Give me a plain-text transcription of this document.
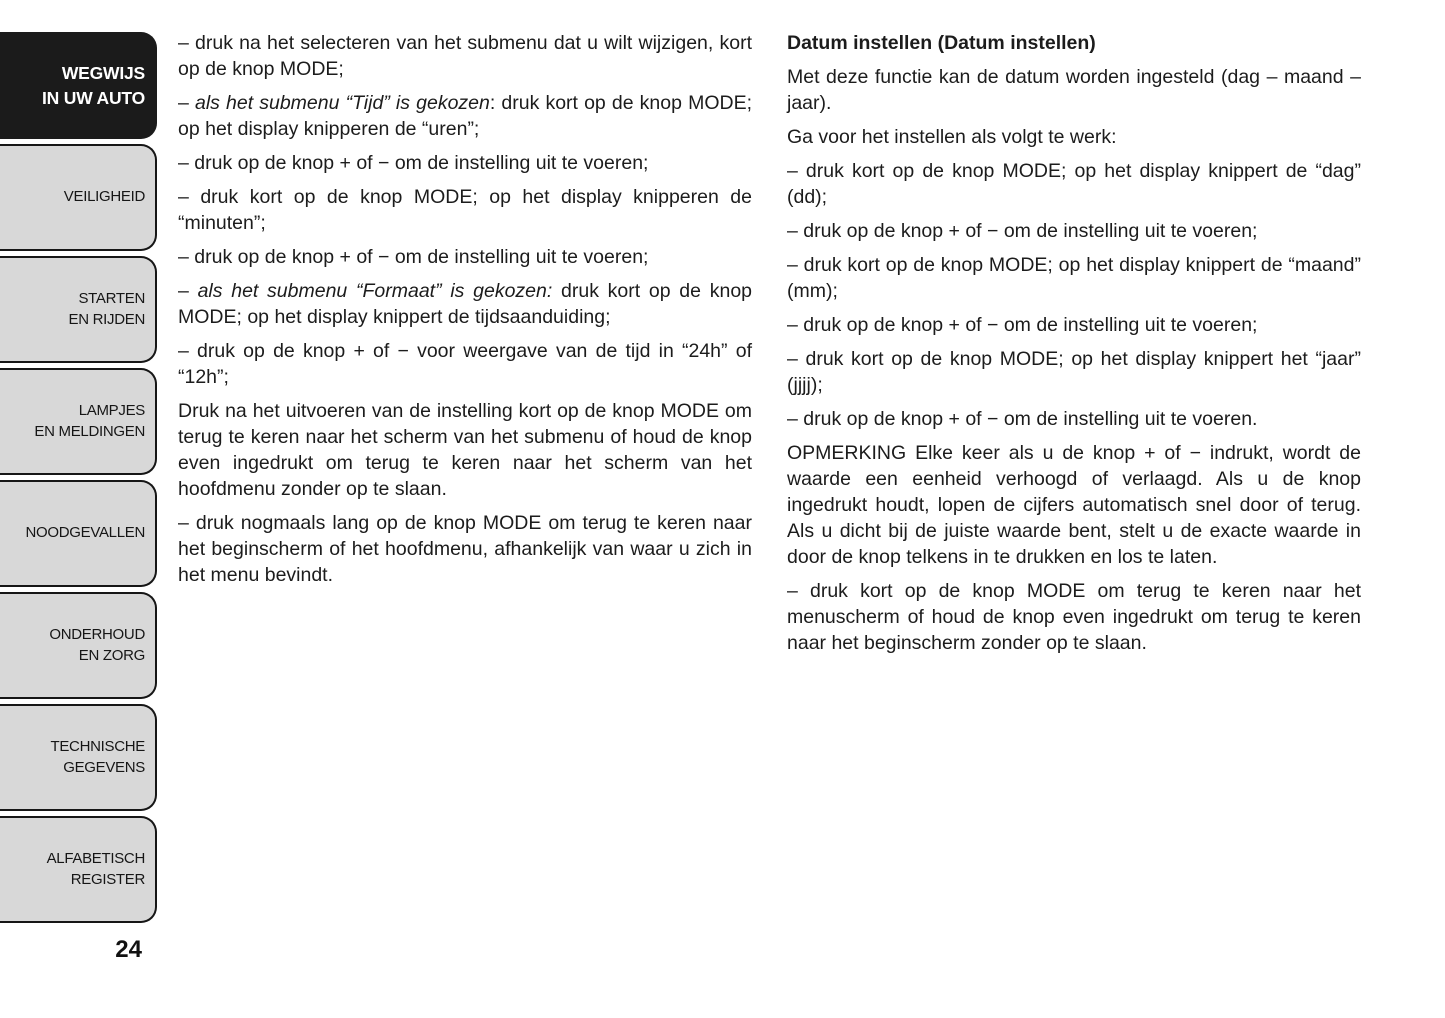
WEGWIJS
IN UW AUTO
VEILIGHEID
STARTEN
EN RIJDEN
LAMPJES
EN MELDINGEN
NOODGEVALLEN
ONDERHOUD
EN ZORG
TECHNISCHE
GEGEVENS
ALFABETISCH
REGISTER
24

– druk na het selecteren van het submenu dat u wilt wijzigen, kort op de knop MODE;

– als het submenu “Tijd” is gekozen: druk kort op de knop MODE; op het display knipperen de “uren”;

– druk op de knop + of − om de instelling uit te voeren;

– druk kort op de knop MODE; op het display knipperen de “minuten”;

– druk op de knop + of − om de instelling uit te voeren;

– als het submenu “Formaat” is gekozen: druk kort op de knop MODE; op het display knippert de tijdsaanduiding;

– druk op de knop + of − voor weergave van de tijd in “24h” of “12h”;

Druk na het uitvoeren van de instelling kort op de knop MODE om terug te keren naar het scherm van het submenu of houd de knop even ingedrukt om terug te keren naar het scherm van het hoofdmenu zonder op te slaan.

– druk nogmaals lang op de knop MODE om terug te keren naar het beginscherm of het hoofdmenu, afhankelijk van waar u zich in het menu bevindt.

Datum instellen (Datum instellen)

Met deze functie kan de datum worden ingesteld (dag – maand – jaar).

Ga voor het instellen als volgt te werk:

– druk kort op de knop MODE; op het display knippert de “dag” (dd);

– druk op de knop + of − om de instelling uit te voeren;

– druk kort op de knop MODE; op het display knippert de “maand” (mm);

– druk op de knop + of − om de instelling uit te voeren;

– druk kort op de knop MODE; op het display knippert het “jaar” (jjjj);

– druk op de knop + of − om de instelling uit te voeren.

OPMERKING Elke keer als u de knop + of − indrukt, wordt de waarde een eenheid verhoogd of verlaagd. Als u de knop ingedrukt houdt, lopen de cijfers automatisch snel door of terug. Als u dicht bij de juiste waarde bent, stelt u de exacte waarde in door de knop telkens in te drukken en los te laten.

– druk kort op de knop MODE om terug te keren naar het menuscherm of houd de knop even ingedrukt om terug te keren naar het beginscherm zonder op te slaan.
